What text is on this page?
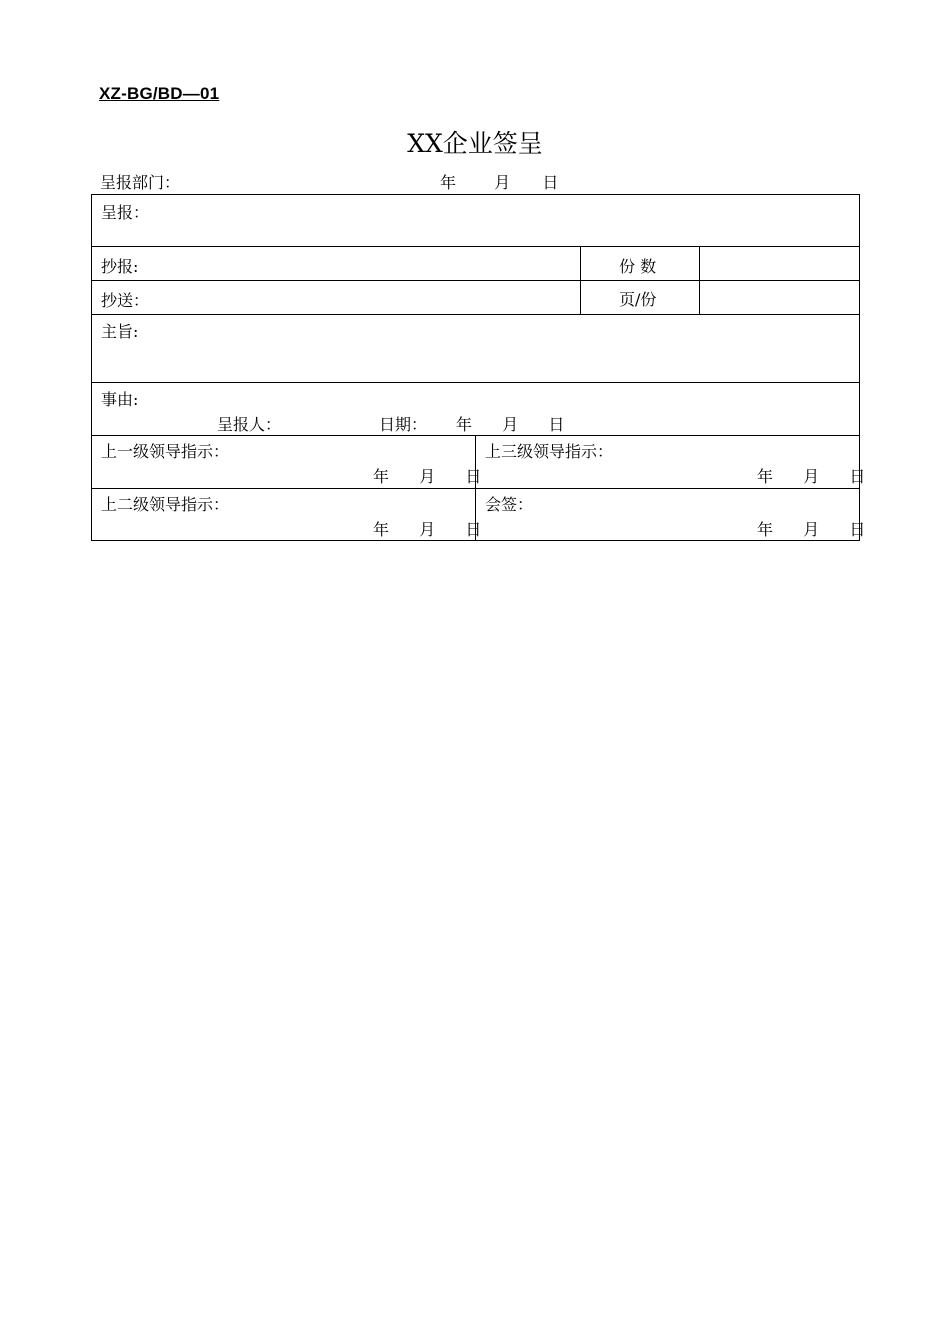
XZ-BG/BD—01
XX企业签呈
呈报部门：	年 月 日
呈报：
抄报:	份 数
抄送：	页/份
主旨:
事由:
呈报人：	日期： 年 月 日
上一级领导指示：
年 月 日
上三级领导指示：
年 月 日
上二级领导指示：
年 月 日
会签：
年 月 日
